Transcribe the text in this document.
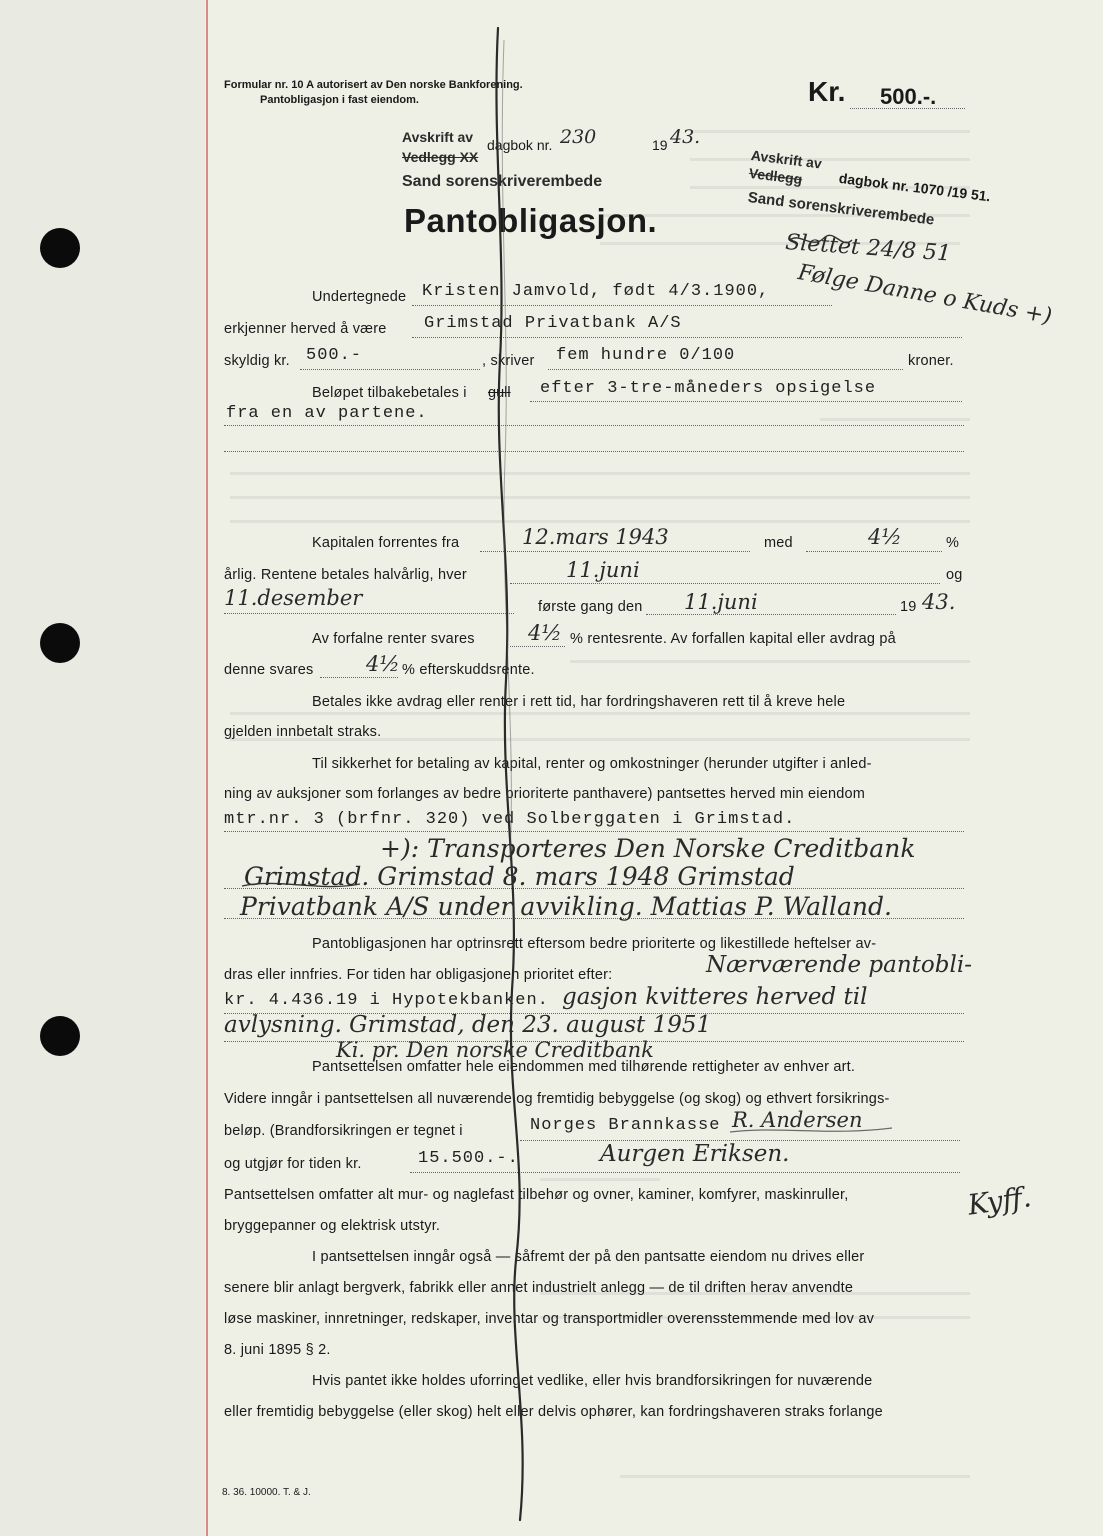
Formular nr. 10 A autorisert av Den norske Bankforening.
Pantobligasjon i fast eiendom.	Kr. 500.-.
Avskrift av
Vedlegg XX
dagbok nr. 230	19 43.
Sand sorenskriverembede
Avskrift av
Vedlegg dagbok nr. 1070 /19 51.
Sand sorenskriverembede
Slettet 24/8 51
Følge Danne o Kuds +)
Pantobligasjon.
Undertegnede Kristen Jamvold, født 4/3.1900,
erkjenner herved å være Grimstad Privatbank A/S
skyldig kr. 500.-	, skriver fem hundre 0/100	kroner.
Beløpet tilbakebetales i gull efter 3-tre-måneders opsigelse
fra en av partene.
Kapitalen forrentes fra	12.mars 1943	med	4½	%
årlig. Rentene betales halvårlig, hver	11.juni	og
11.desember	første gang den 11.juni	19 43.
Av forfalne renter svares	4½ % rentesrente. Av forfallen kapital eller avdrag på
denne svares	4½ % efterskuddsrente.
Betales ikke avdrag eller renter i rett tid, har fordringshaveren rett til å kreve hele
gjelden innbetalt straks.
Til sikkerhet for betaling av kapital, renter og omkostninger (herunder utgifter i anled-
ning av auksjoner som forlanges av bedre prioriterte panthavere) pantsettes herved min eiendom
mtr.nr. 3 (brfnr. 320) ved Solberggaten i Grimstad.
+): Transporteres Den Norske Creditbank
Grimstad. Grimstad 8. mars 1948 Grimstad
Privatbank A/S under avvikling. Mattias P. Walland.
Pantobligasjonen har optrinsrett eftersom bedre prioriterte og likestillede heftelser av-
dras eller innfries. For tiden har obligasjonen prioritet efter:	Nærværende pantobli-
kr. 4.436.19 i Hypotekbanken. gasjon kvitteres herved til
avlysning. Grimstad, den 23. august 1951
Ki. pr. Den norske Creditbank
Pantsettelsen omfatter hele eiendommen med tilhørende rettigheter av enhver art.
Videre inngår i pantsettelsen all nuværende og fremtidig bebyggelse (og skog) og ethvert forsikrings-
beløp. (Brandforsikringen er tegnet i	Norges Brannkasse R. Andersen
og utgjør for tiden kr.	15.500.-.	Aurgen Eriksen.
Pantsettelsen omfatter alt mur- og naglefast tilbehør og ovner, kaminer, komfyrer, maskinruller,
bryggepanner og elektrisk utstyr.
Kyff.
I pantsettelsen inngår også — såfremt der på den pantsatte eiendom nu drives eller
senere blir anlagt bergverk, fabrikk eller annet industrielt anlegg — de til driften herav anvendte
løse maskiner, innretninger, redskaper, inventar og transportmidler overensstemmende med lov av
8. juni 1895 § 2.
Hvis pantet ikke holdes uforringet vedlike, eller hvis brandforsikringen for nuværende
eller fremtidig bebyggelse (eller skog) helt eller delvis ophører, kan fordringshaveren straks forlange
8. 36. 10000. T. & J.
